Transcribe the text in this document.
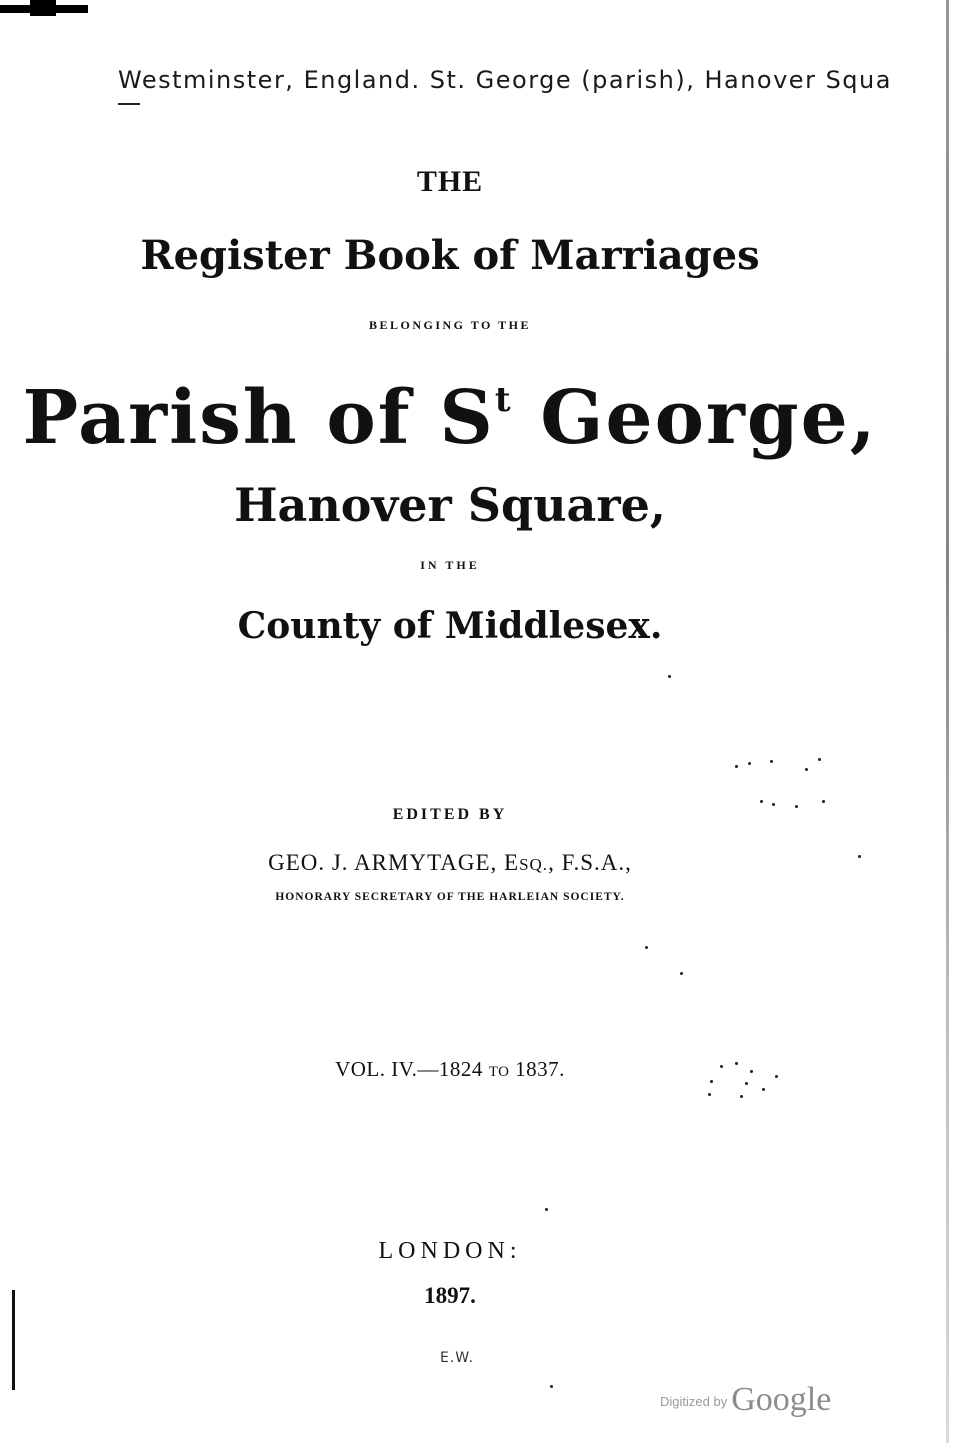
Westminster, England. St. George (parish), Hanover Squa
THE
Register Book of Marriages
BELONGING TO THE
Parish of $S^t$ George,
Hanover Square,
IN THE
County of Middlesex.
EDITED BY
GEO. J. ARMYTAGE, ESQ., F.S.A.,
HONORARY SECRETARY OF THE HARLEIAN SOCIETY.
VOL. IV.—1824 TO 1837.
LONDON:
1897.
E.W.
$^{Digitized by}$ Google
